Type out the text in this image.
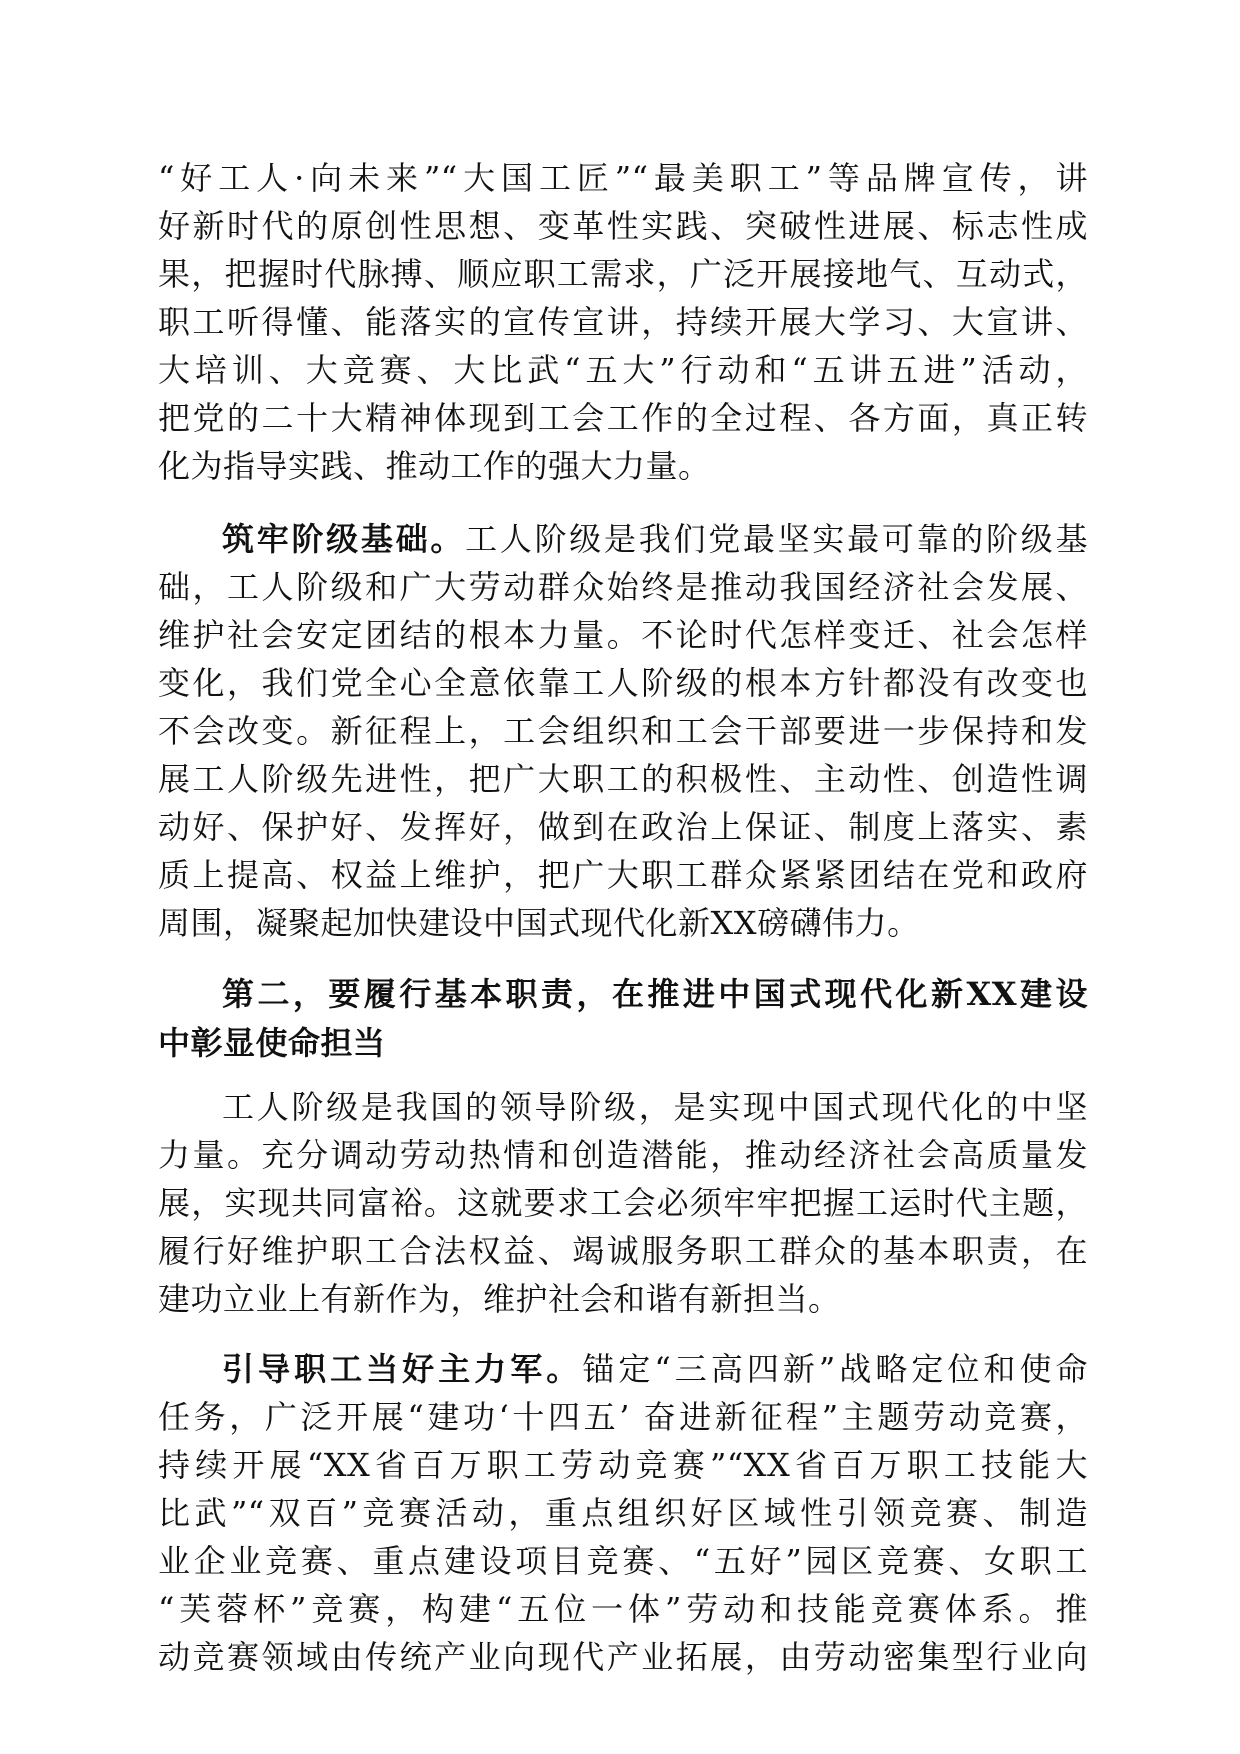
“好工人·向未来”“大国工匠”“最美职工”等品牌宣传，讲
好新时代的原创性思想、变革性实践、突破性进展、标志性成
果，把握时代脉搏、顺应职工需求，广泛开展接地气、互动式，
职工听得懂、能落实的宣传宣讲，持续开展大学习、大宣讲、
大培训、大竞赛、大比武“五大”行动和“五讲五进”活动，
把党的二十大精神体现到工会工作的全过程、各方面，真正转
化为指导实践、推动工作的强大力量。
筑牢阶级基础。工人阶级是我们党最坚实最可靠的阶级基
础，工人阶级和广大劳动群众始终是推动我国经济社会发展、
维护社会安定团结的根本力量。不论时代怎样变迁、社会怎样
变化，我们党全心全意依靠工人阶级的根本方针都没有改变也
不会改变。新征程上，工会组织和工会干部要进一步保持和发
展工人阶级先进性，把广大职工的积极性、主动性、创造性调
动好、保护好、发挥好，做到在政治上保证、制度上落实、素
质上提高、权益上维护，把广大职工群众紧紧团结在党和政府
周围，凝聚起加快建设中国式现代化新XX磅礴伟力。
第二，要履行基本职责，在推进中国式现代化新XX建设
中彰显使命担当
工人阶级是我国的领导阶级，是实现中国式现代化的中坚
力量。充分调动劳动热情和创造潜能，推动经济社会高质量发
展，实现共同富裕。这就要求工会必须牢牢把握工运时代主题，
履行好维护职工合法权益、竭诚服务职工群众的基本职责，在
建功立业上有新作为，维护社会和谐有新担当。
引导职工当好主力军。锚定“三高四新”战略定位和使命
任务，广泛开展“建功‘十四五’ 奋进新征程”主题劳动竞赛，
持续开展“XX省百万职工劳动竞赛”“XX省百万职工技能大
比武”“双百”竞赛活动，重点组织好区域性引领竞赛、制造
业企业竞赛、重点建设项目竞赛、“五好”园区竞赛、女职工
“芙蓉杯”竞赛，构建“五位一体”劳动和技能竞赛体系。推
动竞赛领域由传统产业向现代产业拓展，由劳动密集型行业向
